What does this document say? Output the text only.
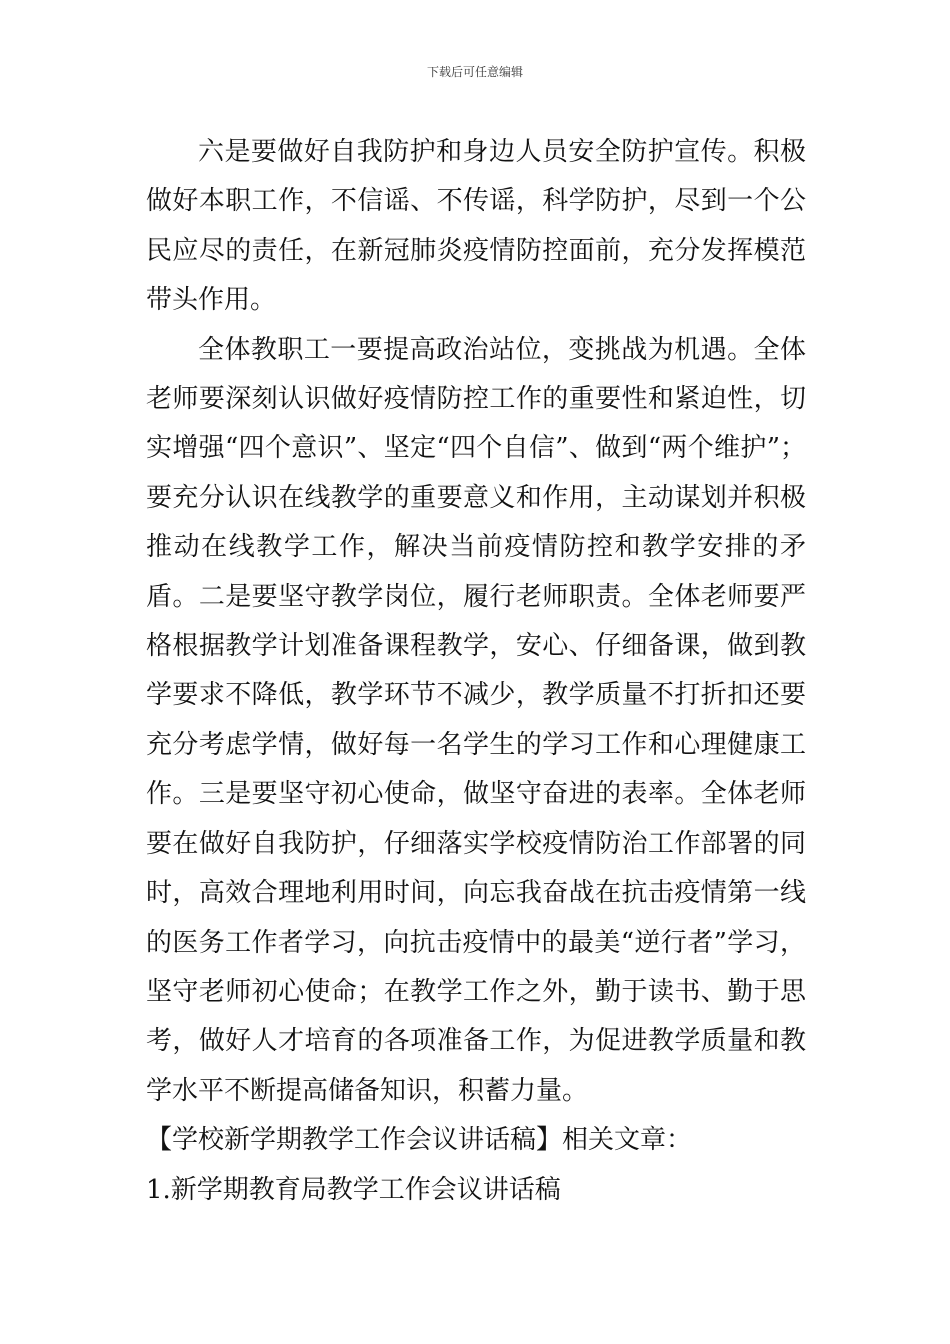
下载后可任意编辑

六是要做好自我防护和身边人员安全防护宣传。积极做好本职工作，不信谣、不传谣，科学防护，尽到一个公民应尽的责任，在新冠肺炎疫情防控面前，充分发挥模范带头作用。

全体教职工一要提高政治站位，变挑战为机遇。全体老师要深刻认识做好疫情防控工作的重要性和紧迫性，切实增强“四个意识”、坚定“四个自信”、做到“两个维护”；要充分认识在线教学的重要意义和作用，主动谋划并积极推动在线教学工作，解决当前疫情防控和教学安排的矛盾。二是要坚守教学岗位，履行老师职责。全体老师要严格根据教学计划准备课程教学，安心、仔细备课，做到教学要求不降低，教学环节不减少，教学质量不打折扣还要充分考虑学情，做好每一名学生的学习工作和心理健康工作。三是要坚守初心使命，做坚守奋进的表率。全体老师要在做好自我防护，仔细落实学校疫情防治工作部署的同时，高效合理地利用时间，向忘我奋战在抗击疫情第一线的医务工作者学习，向抗击疫情中的最美“逆行者”学习，坚守老师初心使命；在教学工作之外，勤于读书、勤于思考，做好人才培育的各项准备工作，为促进教学质量和教学水平不断提高储备知识，积蓄力量。

【学校新学期教学工作会议讲话稿】相关文章：

1.新学期教育局教学工作会议讲话稿
